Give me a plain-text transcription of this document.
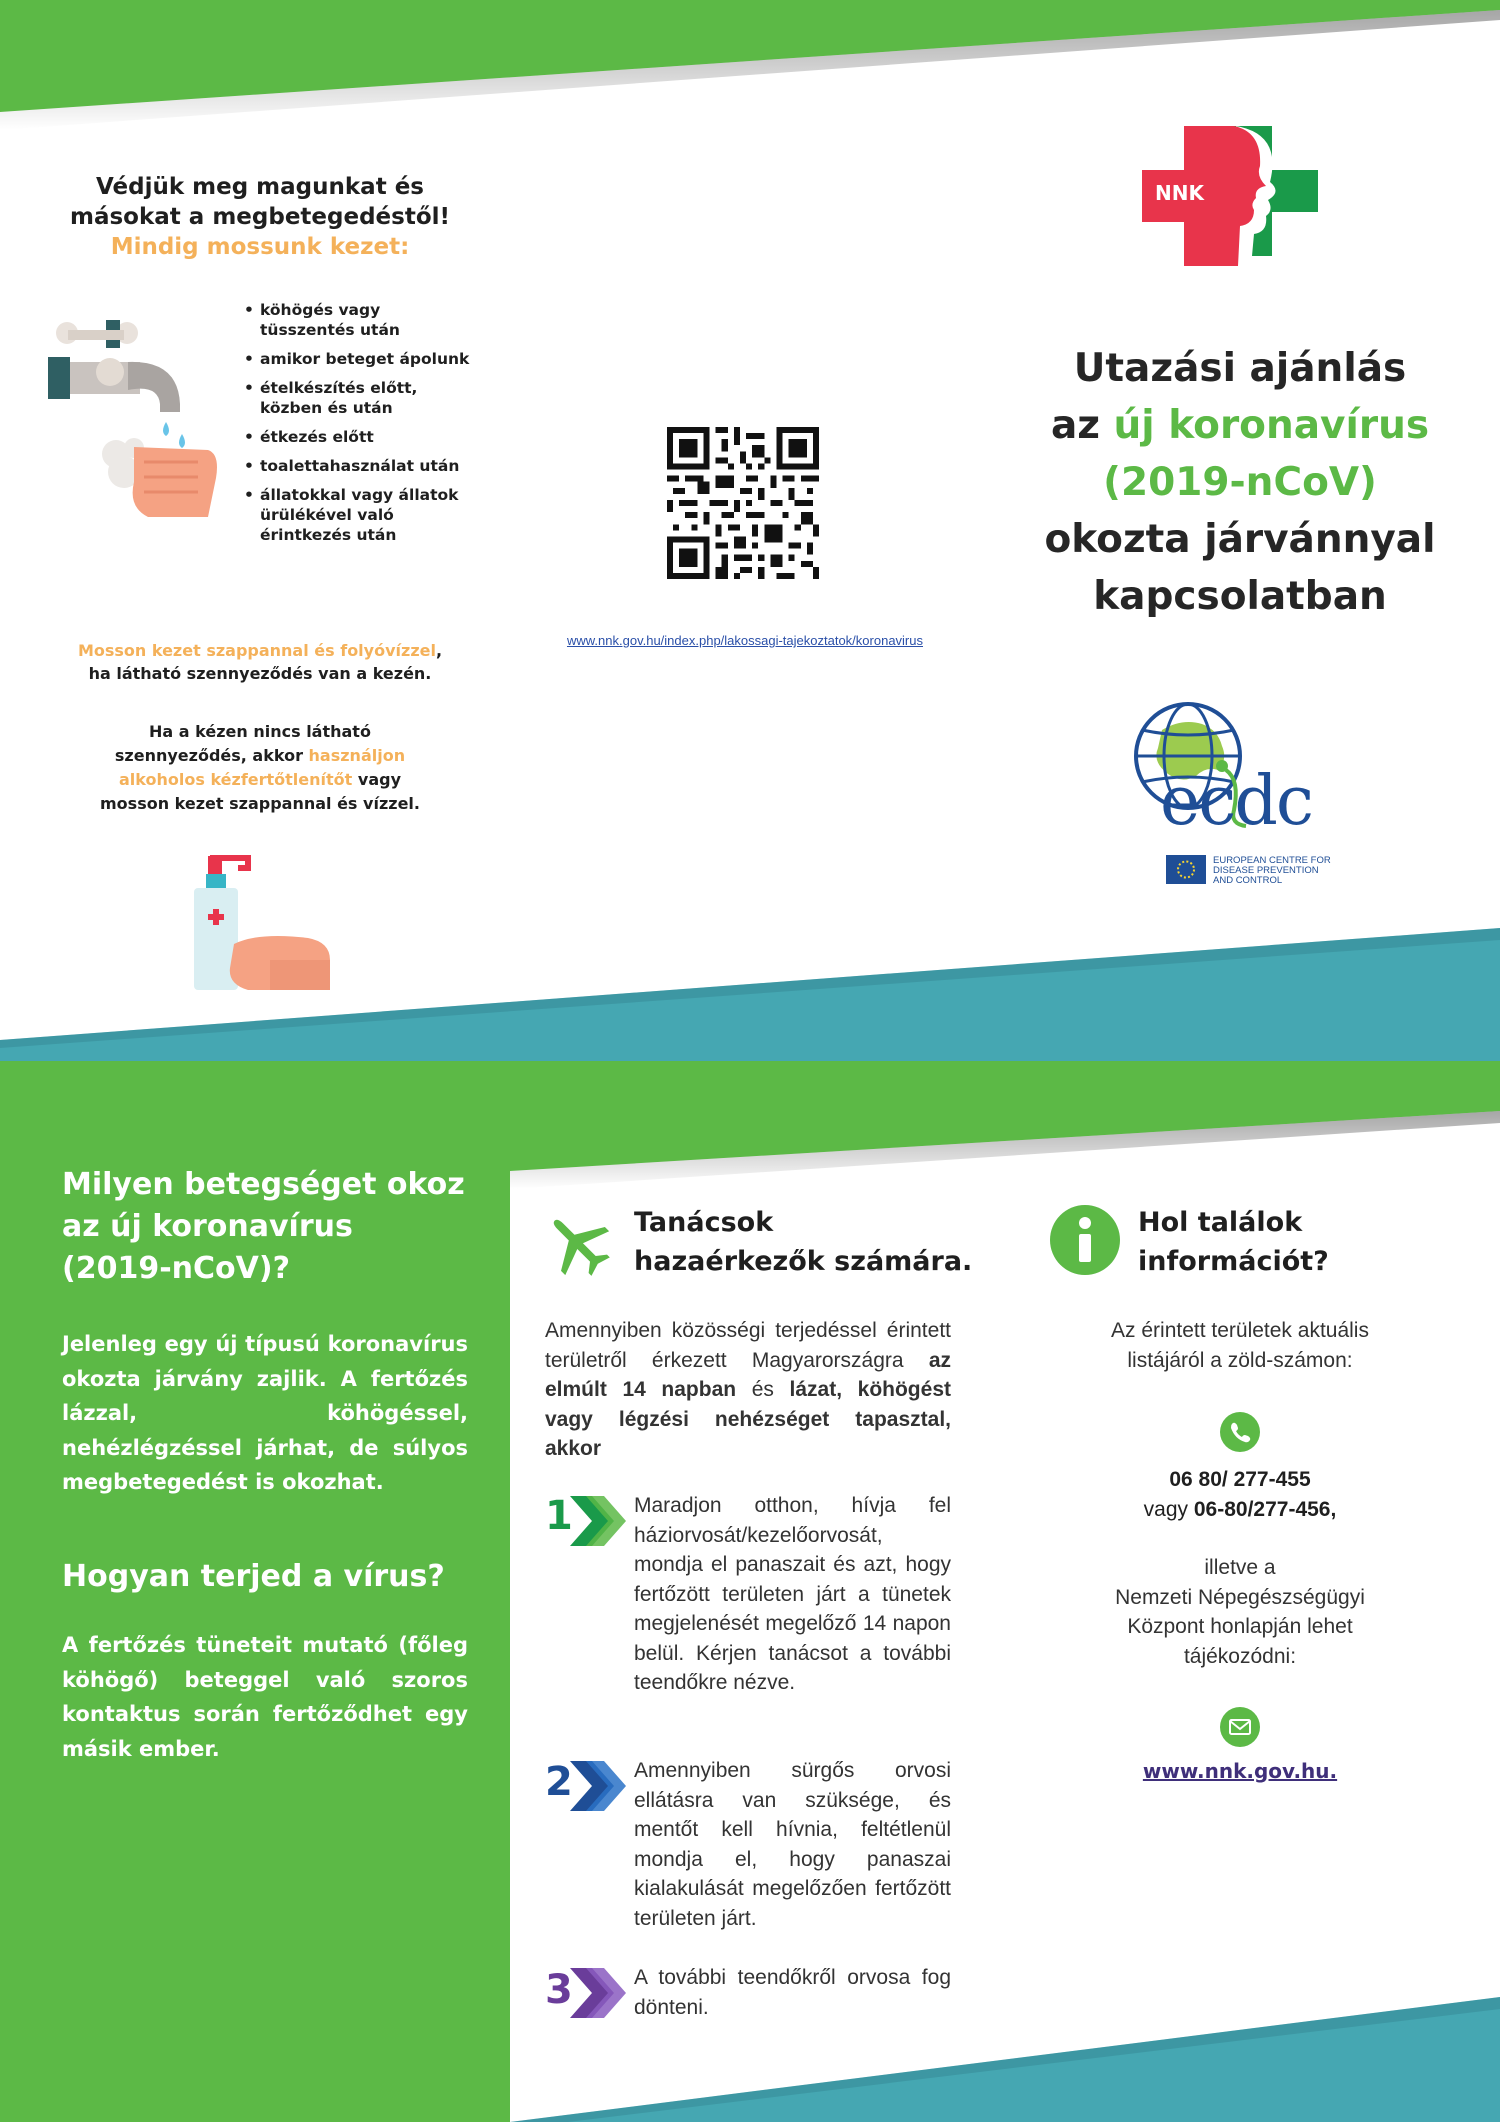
Védjük meg magunkat és
másokat a megbetegedéstől!
Mindig mossunk kezet:
• köhögés vagy tüsszentés után
• amikor beteget ápolunk
• ételkészítés előtt, közben és után
• étkezés előtt
• toalettahasználat után
• állatokkal vagy állatok ürülékével való érintkezés után
Mosson kezet szappannal és folyóvízzel,
ha látható szennyeződés van a kezén.
Ha a kézen nincs látható szennyeződés, akkor használjon alkoholos kézfertőtlenítőt vagy mosson kezet szappannal és vízzel.
www.nnk.gov.hu/index.php/lakossagi-tajekoztatok/koronavirus
NNK
Utazási ajánlás
az új koronavírus
(2019-nCoV)
okozta járvánnyal
kapcsolatban
ecdc
EUROPEAN CENTRE FOR
DISEASE PREVENTION
AND CONTROL
Milyen betegséget okoz az új koronavírus (2019-nCoV)?
Jelenleg egy új típusú koronavírus okozta járvány zajlik. A fertőzés lázzal, köhögéssel, nehézlégzéssel járhat, de súlyos megbetegedést is okozhat.
Hogyan terjed a vírus?
A fertőzés tüneteit mutató (főleg köhögő) beteggel való szoros kontaktus során fertőződhet egy másik ember.
Tanácsok
hazaérkezők számára.
Amennyiben közösségi terjedéssel érintett területről érkezett Magyarországra az elmúlt 14 napban és lázat, köhögést vagy légzési nehézséget tapasztal, akkor
1	Maradjon otthon, hívja fel háziorvosát/kezelőorvosát, mondja el panaszait és azt, hogy fertőzött területen járt a tünetek megjelenését megelőző 14 napon belül. Kérjen tanácsot a további teendőkre nézve.
2	Amennyiben sürgős orvosi ellátásra van szüksége, és mentőt kell hívnia, feltétlenül mondja el, hogy panaszai kialakulását megelőzően fertőzött területen járt.
3	A további teendőkről orvosa fog dönteni.
Hol találok
információt?
Az érintett területek aktuális listájáról a zöld-számon:
06 80/ 277-455
vagy 06-80/277-456,
illetve a
Nemzeti Népegészségügyi
Központ honlapján lehet
tájékozódni:
www.nnk.gov.hu.
